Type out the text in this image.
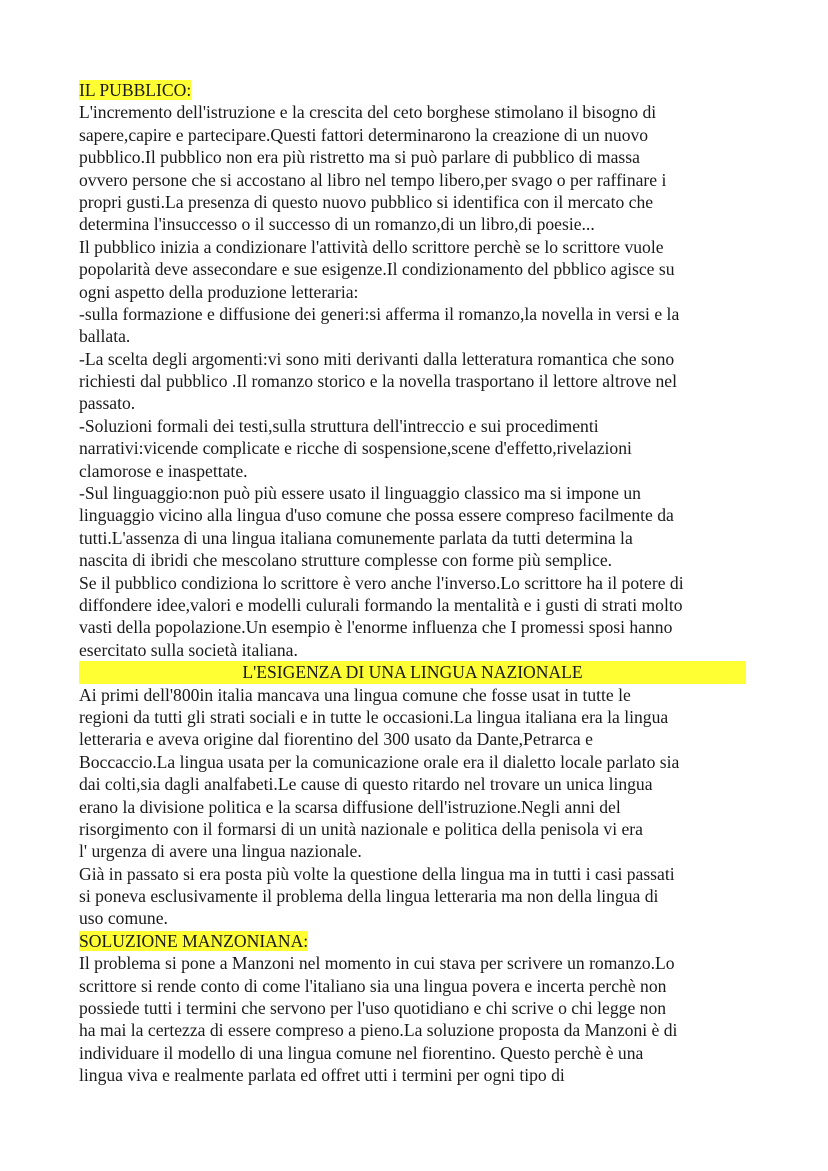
IL PUBBLICO:
L'incremento dell'istruzione e la crescita del ceto borghese stimolano il bisogno di
sapere,capire e partecipare.Questi fattori determinarono la creazione di un nuovo
pubblico.Il pubblico non era più ristretto ma si può parlare di pubblico di massa
ovvero persone che si accostano al libro nel tempo libero,per svago o per raffinare i
propri gusti.La presenza di questo nuovo pubblico si identifica con il mercato che
determina l'insuccesso o il successo di un romanzo,di un libro,di poesie...
Il pubblico inizia a condizionare l'attività dello scrittore perchè se lo scrittore vuole
popolarità deve assecondare e sue esigenze.Il condizionamento del pbblico agisce su
ogni aspetto della produzione letteraria:
-sulla formazione e diffusione dei generi:si afferma il romanzo,la novella in versi e la
ballata.
-La scelta degli argomenti:vi sono miti derivanti dalla letteratura romantica che sono
richiesti dal pubblico .Il romanzo storico e la novella trasportano il lettore altrove nel
passato.
-Soluzioni formali dei testi,sulla struttura dell'intreccio e sui procedimenti
narrativi:vicende complicate e ricche di sospensione,scene d'effetto,rivelazioni
clamorose e inaspettate.
-Sul linguaggio:non può più essere usato il linguaggio classico ma si impone un
linguaggio vicino alla lingua d'uso comune che possa essere compreso facilmente da
tutti.L'assenza di una lingua italiana comunemente parlata da tutti determina la
nascita di ibridi che mescolano strutture complesse con forme più semplice.
Se il pubblico condiziona lo scrittore è vero anche l'inverso.Lo scrittore ha il potere di
diffondere idee,valori e modelli culurali formando la mentalità e i gusti di strati molto
vasti della popolazione.Un esempio è l'enorme influenza che I promessi sposi hanno
esercitato sulla società italiana.
L'ESIGENZA DI UNA LINGUA NAZIONALE
Ai primi dell'800in italia mancava una lingua comune che fosse usat in tutte le
regioni da tutti gli strati sociali e in tutte le occasioni.La lingua italiana era la lingua
letteraria e aveva origine dal fiorentino del 300 usato da Dante,Petrarca e
Boccaccio.La lingua usata per la comunicazione orale era il dialetto locale parlato sia
dai colti,sia dagli analfabeti.Le cause di questo ritardo nel trovare un unica lingua
erano la divisione politica e la scarsa diffusione dell'istruzione.Negli anni del
risorgimento con il formarsi di un unità nazionale e politica della penisola vi era
l' urgenza di avere una lingua nazionale.
Già in passato si era posta più volte la questione della lingua ma in tutti i casi passati
si poneva esclusivamente il problema della lingua letteraria ma non della lingua di
uso comune.
SOLUZIONE MANZONIANA:
Il problema si pone a Manzoni nel momento in cui stava per scrivere un romanzo.Lo
scrittore si rende conto di come l'italiano sia una lingua povera e incerta perchè non
possiede tutti i termini che servono per l'uso quotidiano e chi scrive o chi legge non
ha mai la certezza di essere compreso a pieno.La soluzione proposta da Manzoni è di
individuare il modello di una lingua comune nel fiorentino. Questo perchè è una
lingua viva e realmente parlata ed offret utti i termini per ogni tipo di
